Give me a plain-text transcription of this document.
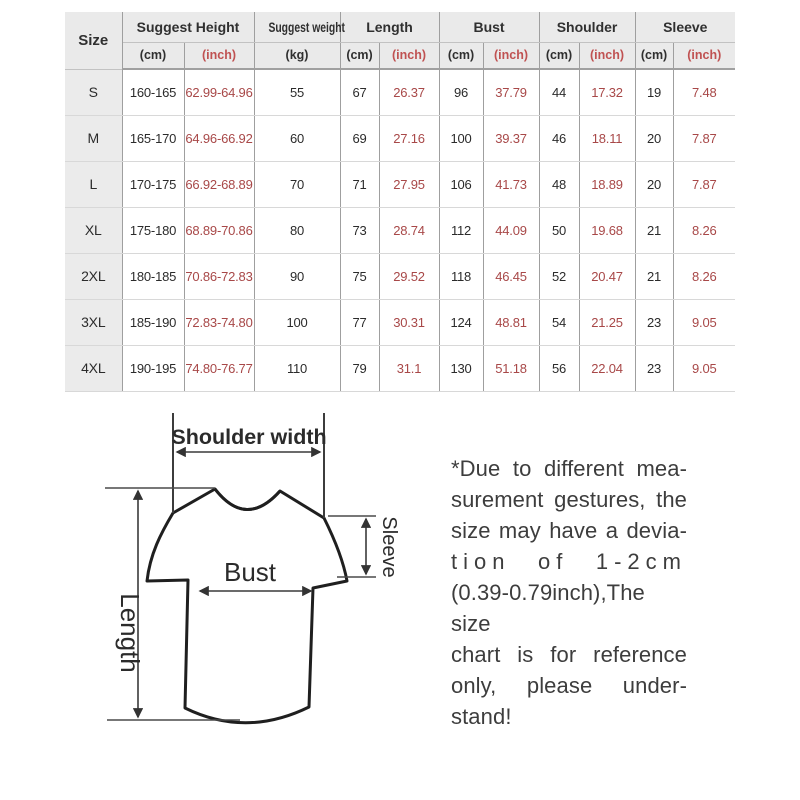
Size	Suggest Height		Suggest weight	Length		Bust		Shoulder		Sleeve	
	(cm)	(inch)	(kg)	(cm)	(inch)	(cm)	(inch)	(cm)	(inch)	(cm)	(inch)
S	160-165	62.99-64.96	55	67	26.37	96	37.79	44	17.32	19	7.48
M	165-170	64.96-66.92	60	69	27.16	100	39.37	46	18.11	20	7.87
L	170-175	66.92-68.89	70	71	27.95	106	41.73	48	18.89	20	7.87
XL	175-180	68.89-70.86	80	73	28.74	112	44.09	50	19.68	21	8.26
2XL	180-185	70.86-72.83	90	75	29.52	118	46.45	52	20.47	21	8.26
3XL	185-190	72.83-74.80	100	77	30.31	124	48.81	54	21.25	23	9.05
4XL	190-195	74.80-76.77	110	79	31.1	130	51.18	56	22.04	23	9.05
Shoulder width
Length
Bust	Sleeve
*Due to different mea-
surement gestures, the
size may have a devia-
tion of 1-2cm
(0.39-0.79inch),The size
chart is for reference
only, please under-
stand!
